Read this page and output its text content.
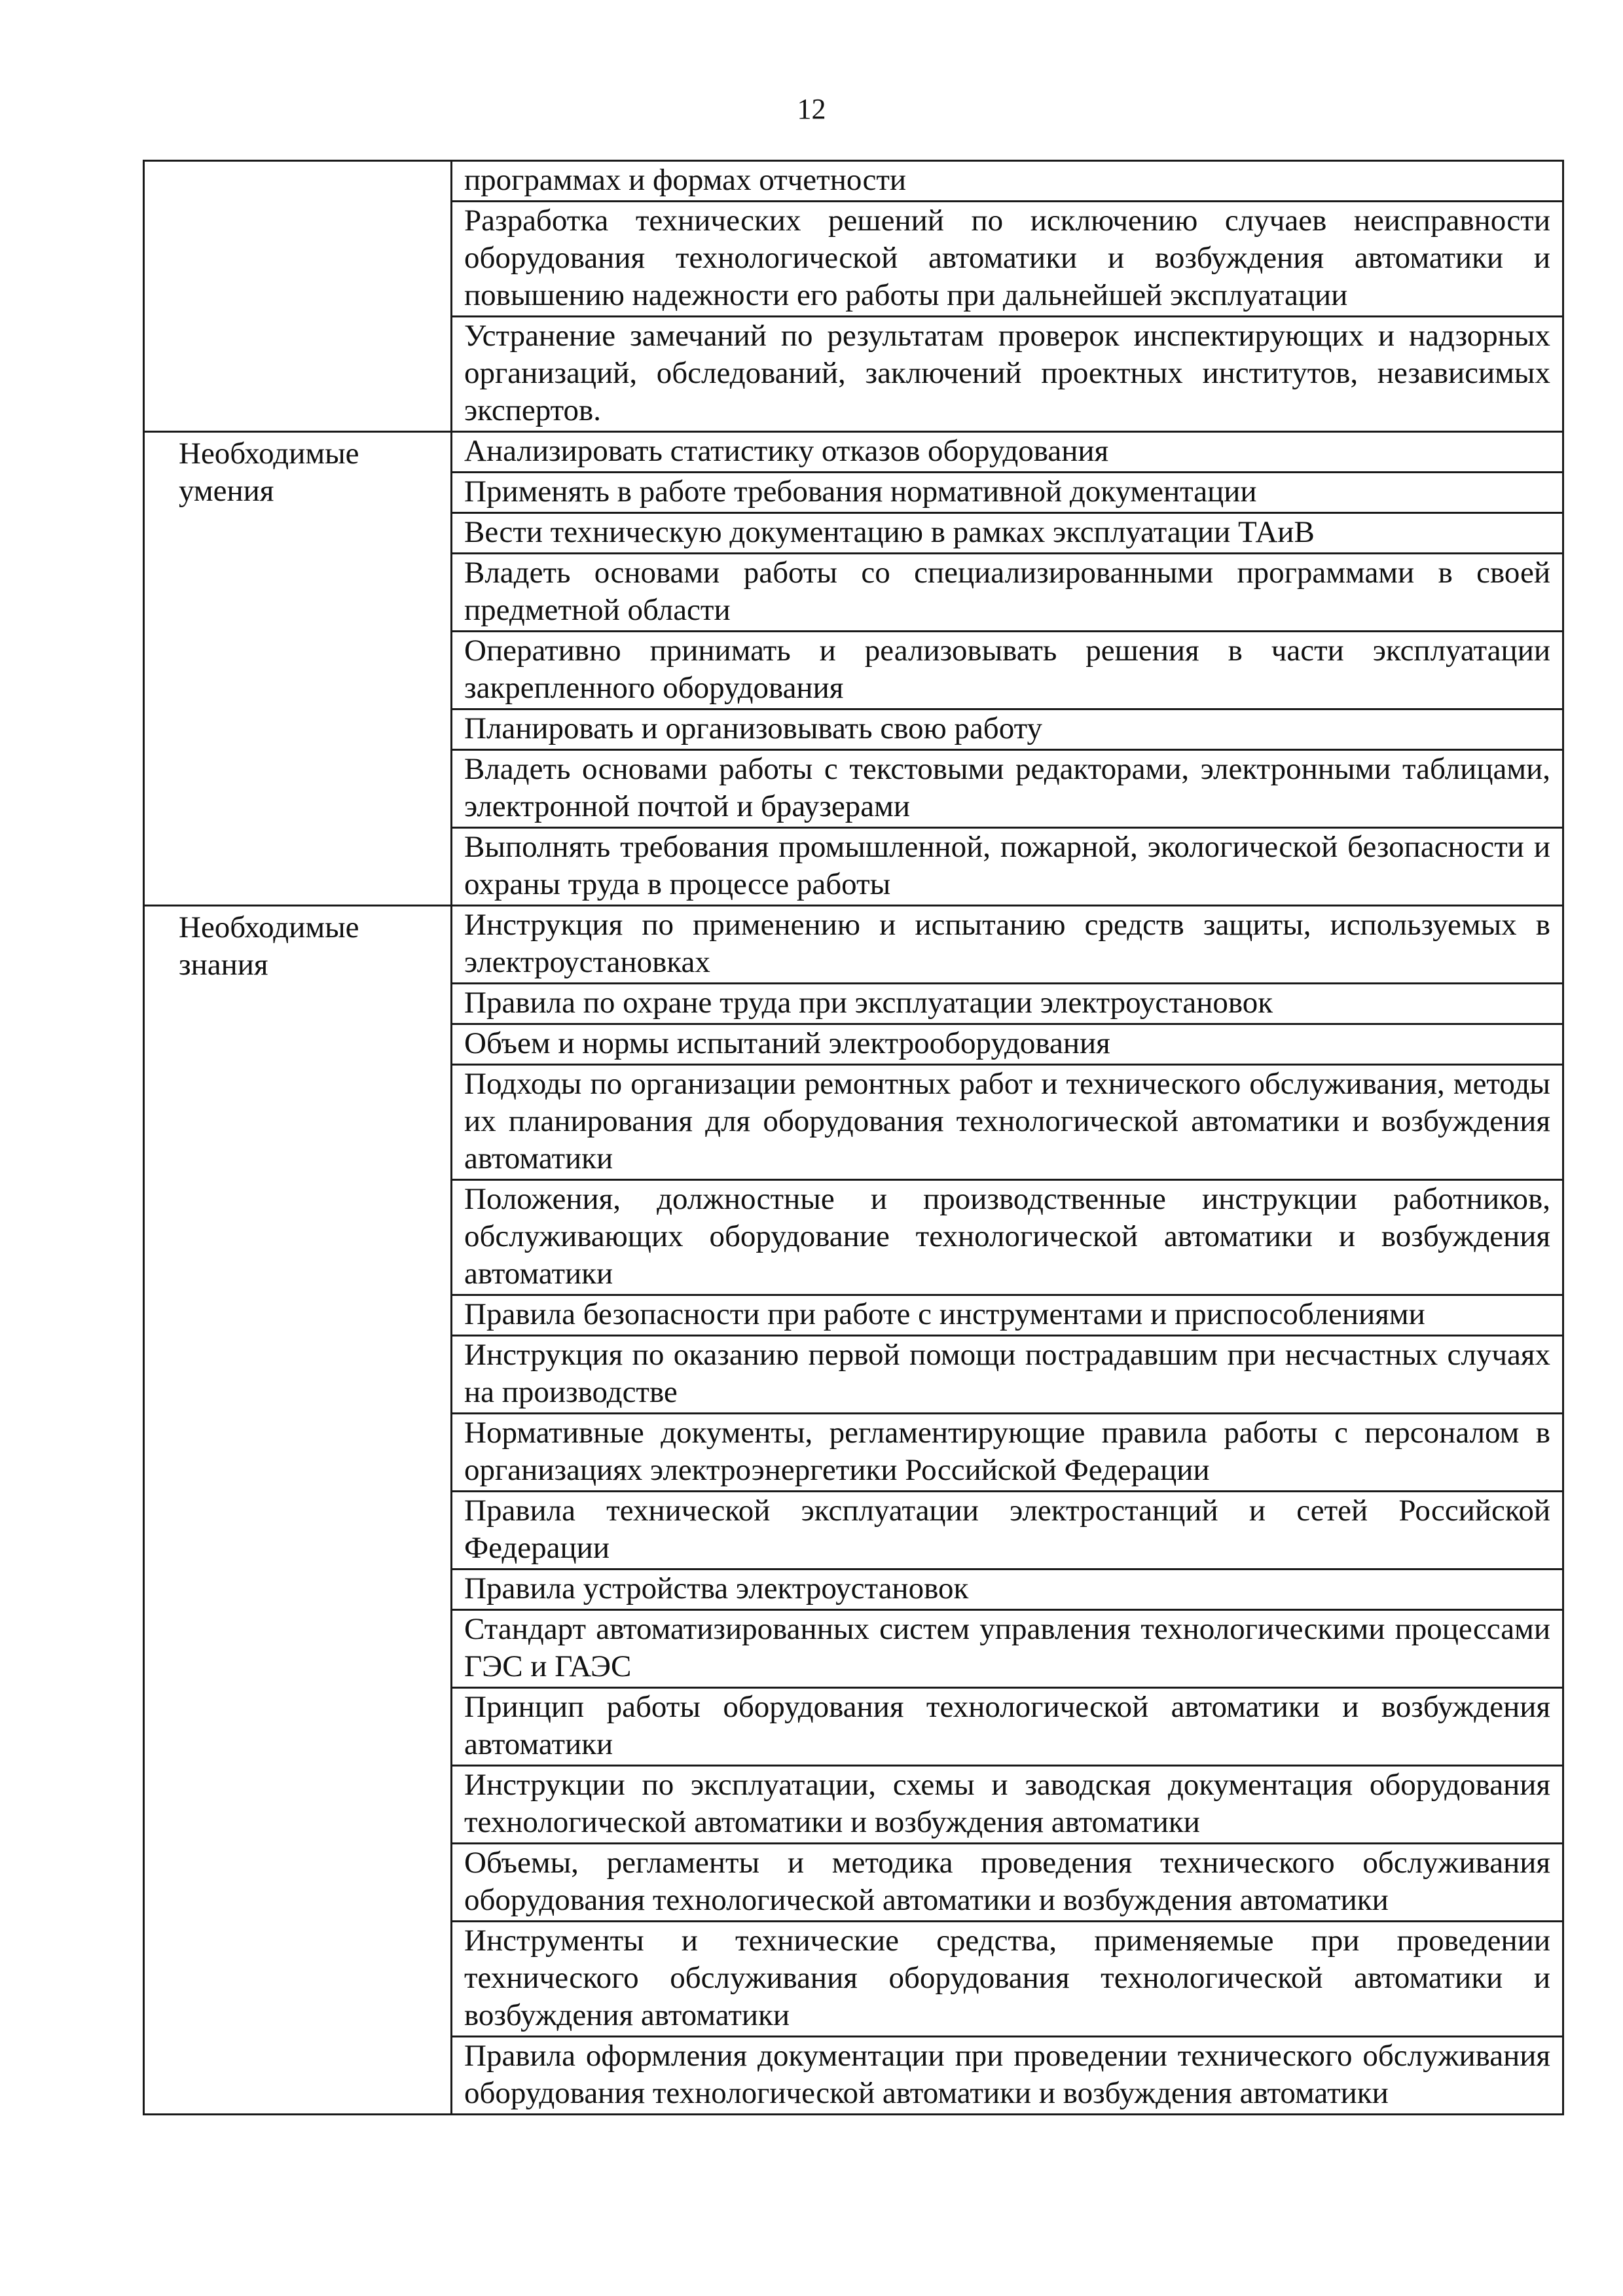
12
	программах и формах отчетности
	Разработка технических решений по исключению случаев неисправности оборудования технологической автоматики и возбуждения автоматики и повышению надежности его работы при дальнейшей эксплуатации
	Устранение замечаний по результатам проверок инспектирующих и надзорных организаций, обследований, заключений проектных институтов, независимых экспертов.
Необходимые умения	Анализировать статистику отказов оборудования
	Применять в работе требования нормативной документации
	Вести техническую документацию в рамках эксплуатации ТАиВ
	Владеть основами работы со специализированными программами в своей предметной области
	Оперативно принимать и реализовывать решения в части эксплуатации закрепленного оборудования
	Планировать и организовывать свою работу
	Владеть основами работы с текстовыми редакторами, электронными таблицами, электронной почтой и браузерами
	Выполнять требования промышленной, пожарной, экологической безопасности и охраны труда в процессе работы
Необходимые знания	Инструкция по применению и испытанию средств защиты, используемых в электроустановках
	Правила по охране труда при эксплуатации электроустановок
	Объем и нормы испытаний электрооборудования
	Подходы по организации ремонтных работ и технического обслуживания, методы их планирования для оборудования технологической автоматики и возбуждения автоматики
	Положения, должностные и производственные инструкции работников, обслуживающих оборудование технологической автоматики и возбуждения автоматики
	Правила безопасности при работе с инструментами и приспособлениями
	Инструкция по оказанию первой помощи пострадавшим при несчастных случаях на производстве
	Нормативные документы, регламентирующие правила работы с персоналом в организациях электроэнергетики Российской Федерации
	Правила технической эксплуатации электростанций и сетей Российской Федерации
	Правила устройства электроустановок
	Стандарт автоматизированных систем управления технологическими процессами ГЭС и ГАЭС
	Принцип работы оборудования технологической автоматики и возбуждения автоматики
	Инструкции по эксплуатации, схемы и заводская документация оборудования технологической автоматики и возбуждения автоматики
	Объемы, регламенты и методика проведения технического обслуживания оборудования технологической автоматики и возбуждения автоматики
	Инструменты и технические средства, применяемые при проведении технического обслуживания оборудования технологической автоматики и возбуждения автоматики
	Правила оформления документации при проведении технического обслуживания оборудования технологической автоматики и возбуждения автоматики
